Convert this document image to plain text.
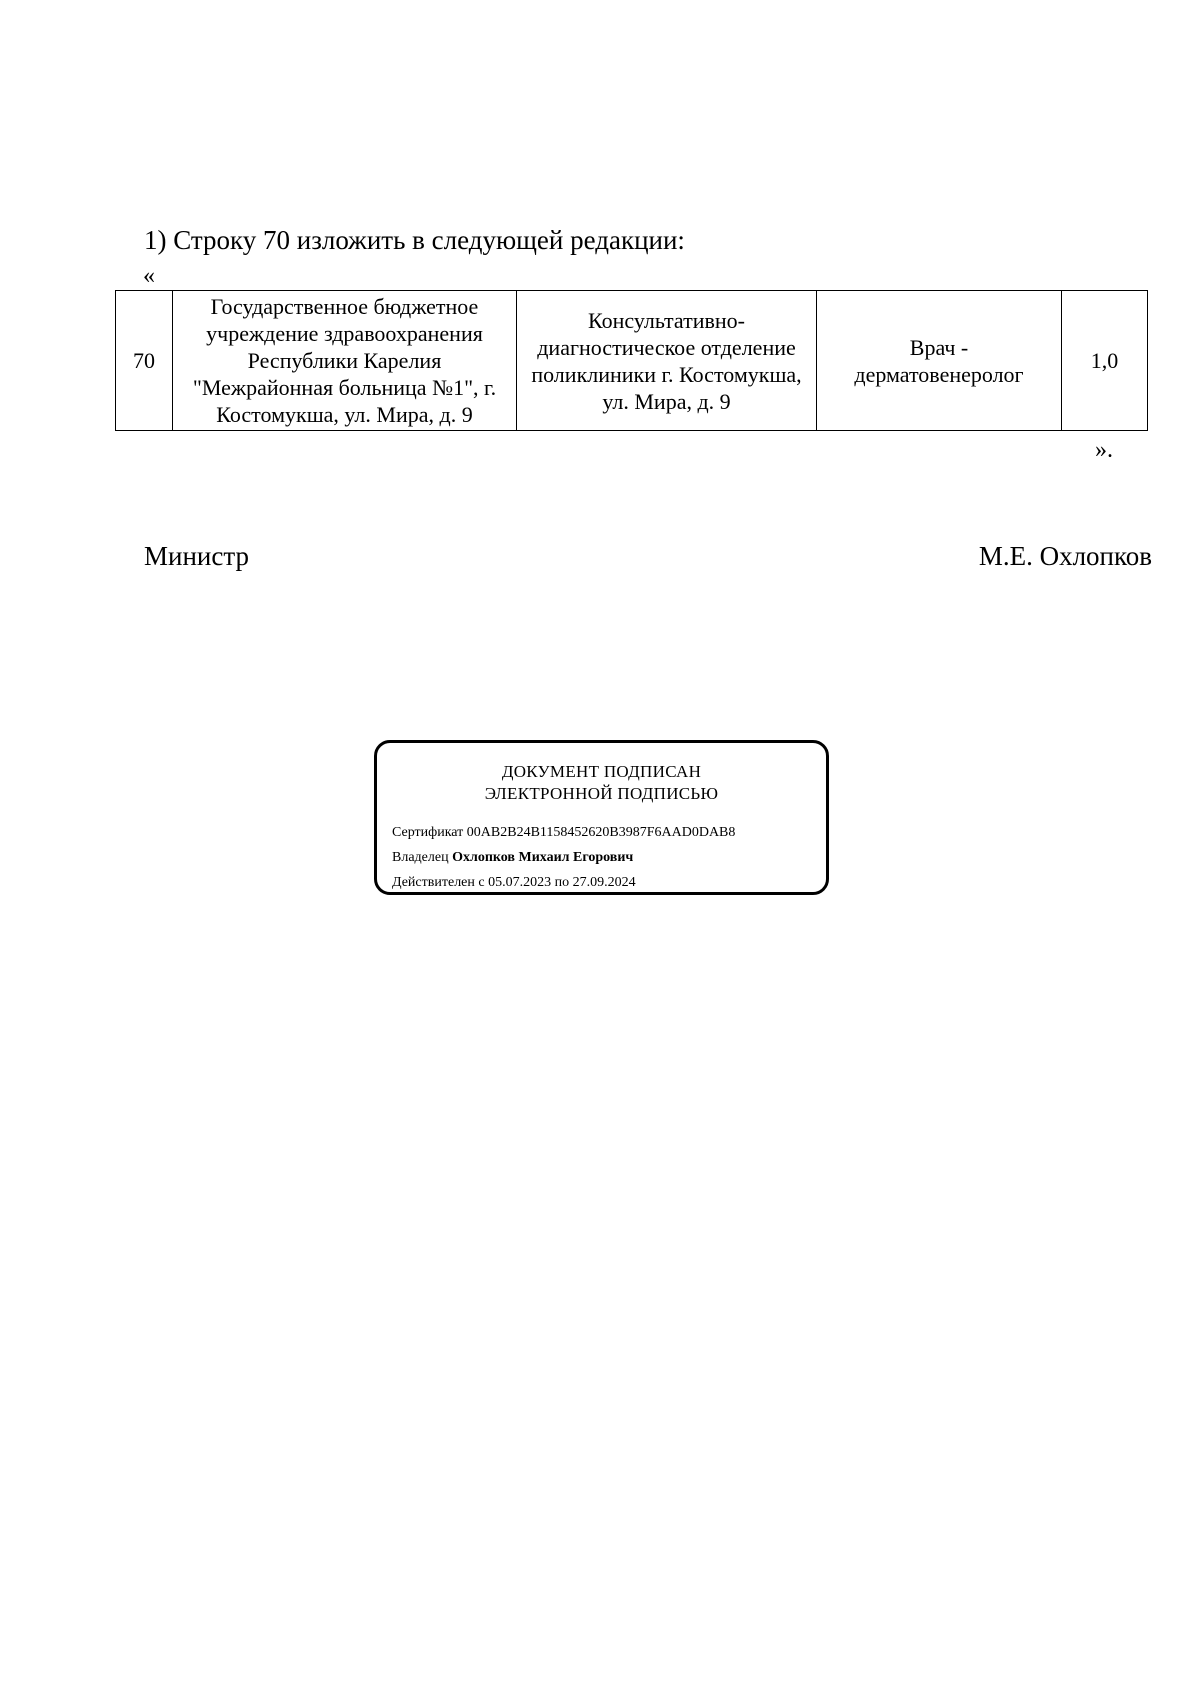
1) Строку 70 изложить в следующей редакции:
«
70	Государственное бюджетное учреждение здравоохранения Республики Карелия "Межрайонная больница №1", г. Костомукша, ул. Мира, д. 9	Консультативно-диагностическое отделение поликлиники г. Костомукша, ул. Мира, д. 9	Врач - дерматовенеролог	1,0
».
Министр	М.Е. Охлопков
ДОКУМЕНТ ПОДПИСАН
ЭЛЕКТРОННОЙ ПОДПИСЬЮ
Сертификат 00AB2B24B1158452620B3987F6AAD0DAB8
Владелец Охлопков Михаил Егорович
Действителен с 05.07.2023 по 27.09.2024
